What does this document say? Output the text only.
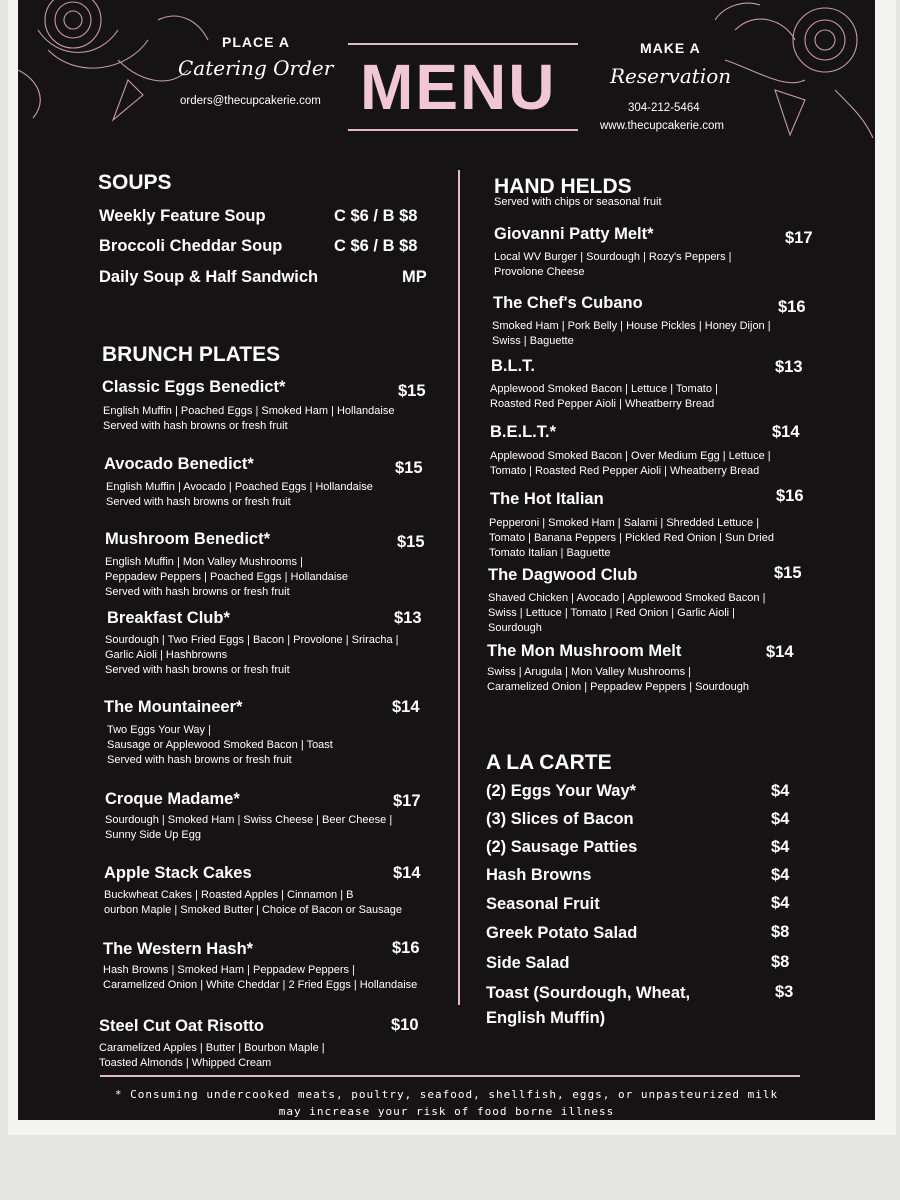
PLACE A
Catering Order
orders@thecupcakerie.com MENU
MAKE A
Reservation
304-212-5464
www.thecupcakerie.com
SOUPS
Weekly Feature Soup	C $6 / B $8
Broccoli Cheddar Soup	C $6 / B $8
Daily Soup & Half Sandwich	MP
BRUNCH PLATES
Classic Eggs Benedict*	$15
English Muffin | Poached Eggs | Smoked Ham | Hollandaise
Served with hash browns or fresh fruit
Avocado Benedict*	$15
English Muffin | Avocado | Poached Eggs | Hollandaise
Served with hash browns or fresh fruit
Mushroom Benedict*	$15
English Muffin | Mon Valley Mushrooms |
Peppadew Peppers | Poached Eggs | Hollandaise
Served with hash browns or fresh fruit
Breakfast Club*	$13
Sourdough | Two Fried Eggs | Bacon | Provolone | Sriracha |
Garlic Aioli | Hashbrowns
Served with hash browns or fresh fruit
The Mountaineer*	$14
Two Eggs Your Way |
Sausage or Applewood Smoked Bacon | Toast
Served with hash browns or fresh fruit
Croque Madame*	$17
Sourdough | Smoked Ham | Swiss Cheese | Beer Cheese |
Sunny Side Up Egg
Apple Stack Cakes	$14
Buckwheat Cakes | Roasted Apples | Cinnamon | B
ourbon Maple | Smoked Butter | Choice of Bacon or Sausage
The Western Hash*	$16
Hash Browns | Smoked Ham | Peppadew Peppers |
Caramelized Onion | White Cheddar | 2 Fried Eggs | Hollandaise
Steel Cut Oat Risotto	$10
Caramelized Apples | Butter | Bourbon Maple |
Toasted Almonds | Whipped Cream
HAND HELDS
Served with chips or seasonal fruit
Giovanni Patty Melt*	$17
Local WV Burger | Sourdough | Rozy's Peppers |
Provolone Cheese
The Chef's Cubano	$16
Smoked Ham | Pork Belly | House Pickles | Honey Dijon |
Swiss | Baguette
B.L.T.	$13
Applewood Smoked Bacon | Lettuce | Tomato |
Roasted Red Pepper Aioli | Wheatberry Bread
B.E.L.T.*	$14
Applewood Smoked Bacon | Over Medium Egg | Lettuce |
Tomato | Roasted Red Pepper Aioli | Wheatberry Bread
The Hot Italian	$16
Pepperoni | Smoked Ham | Salami | Shredded Lettuce |
Tomato | Banana Peppers | Pickled Red Onion | Sun Dried
Tomato Italian | Baguette
The Dagwood Club	$15
Shaved Chicken | Avocado | Applewood Smoked Bacon |
Swiss | Lettuce | Tomato | Red Onion | Garlic Aioli |
Sourdough
The Mon Mushroom Melt	$14
Swiss | Arugula | Mon Valley Mushrooms |
Caramelized Onion | Peppadew Peppers | Sourdough
A LA CARTE
(2) Eggs Your Way*	$4
(3) Slices of Bacon	$4
(2) Sausage Patties	$4
Hash Browns	$4
Seasonal Fruit	$4
Greek Potato Salad	$8
Side Salad	$8
Toast (Sourdough, Wheat,
English Muffin)
$3
* Consuming undercooked meats, poultry, seafood, shellfish, eggs, or unpasteurized milk
may increase your risk of food borne illness
